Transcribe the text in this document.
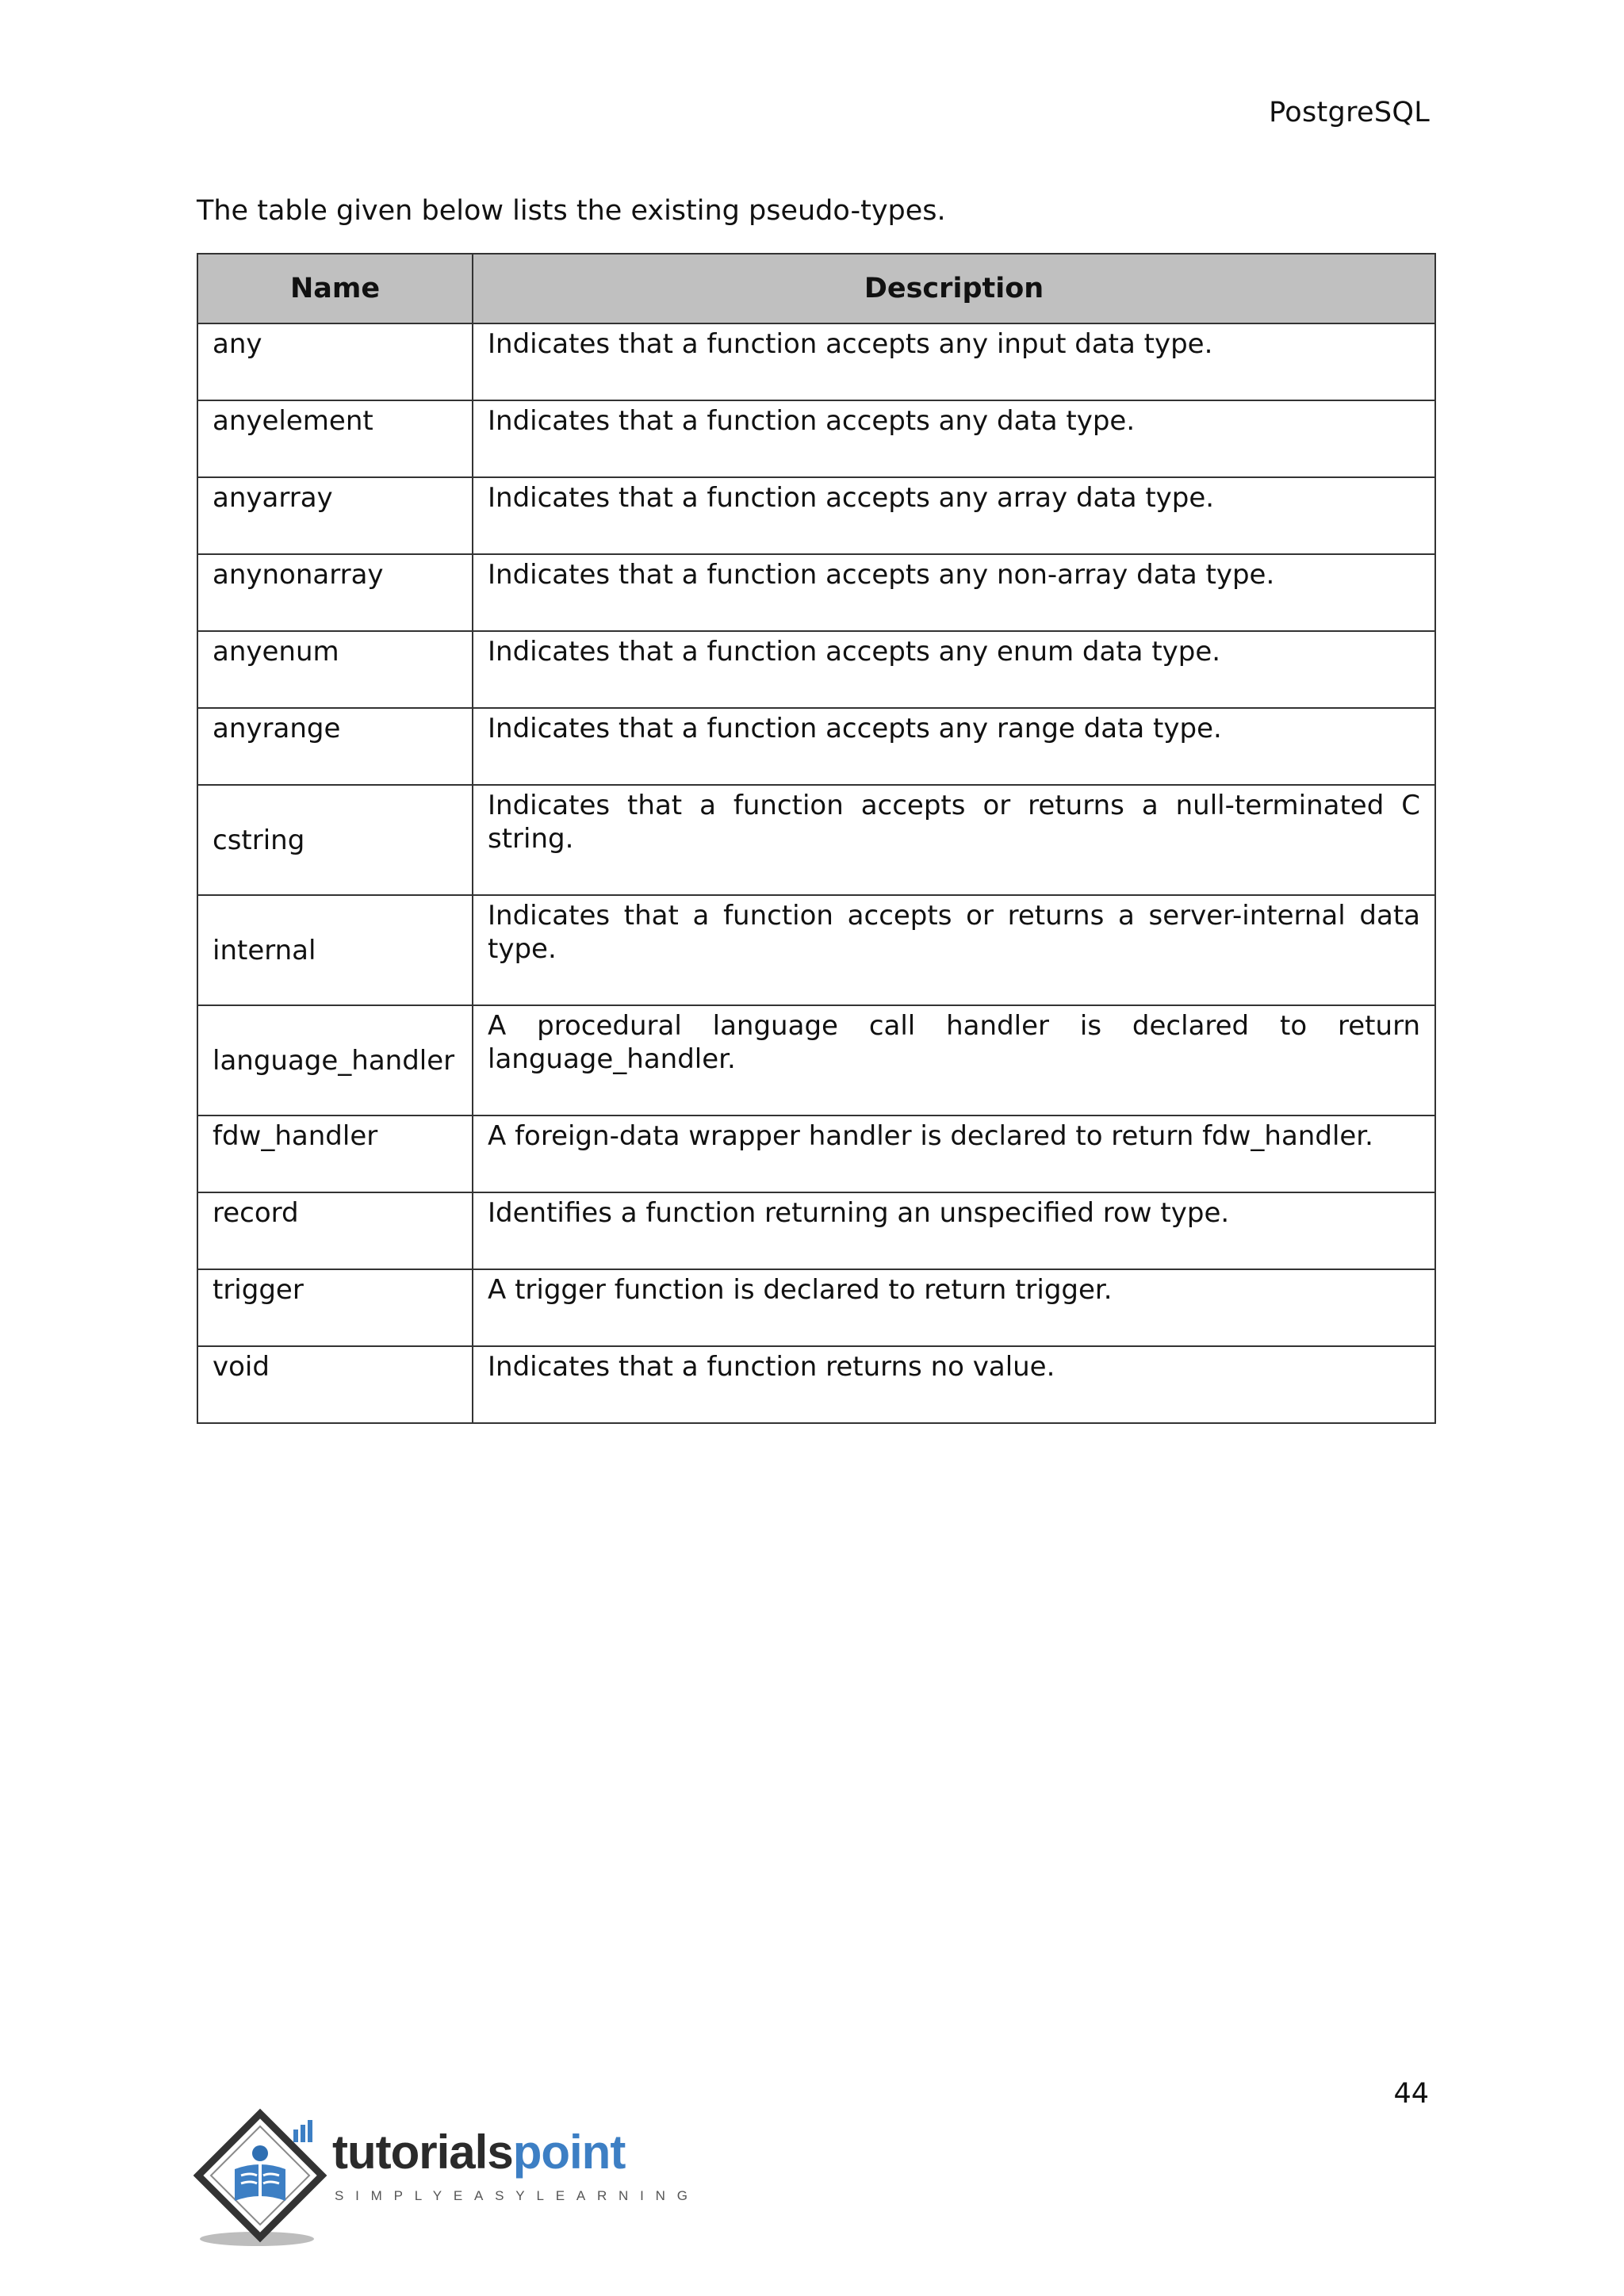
PostgreSQL
The table given below lists the existing pseudo-types.
Name	Description
any	Indicates that a function accepts any input data type.
anyelement	Indicates that a function accepts any data type.
anyarray	Indicates that a function accepts any array data type.
anynonarray	Indicates that a function accepts any non-array data type.
anyenum	Indicates that a function accepts any enum data type.
anyrange	Indicates that a function accepts any range data type.
cstring	Indicates that a function accepts or returns a null-terminated C string.
internal	Indicates that a function accepts or returns a server-internal data type.
language_handler	A procedural language call handler is declared to return language_handler.
fdw_handler	A foreign-data wrapper handler is declared to return fdw_handler.
record	Identifies a function returning an unspecified row type.
trigger	A trigger function is declared to return trigger.
void	Indicates that a function returns no value.
44
tutorialspoint
SIMPLYEASYLEARNING
